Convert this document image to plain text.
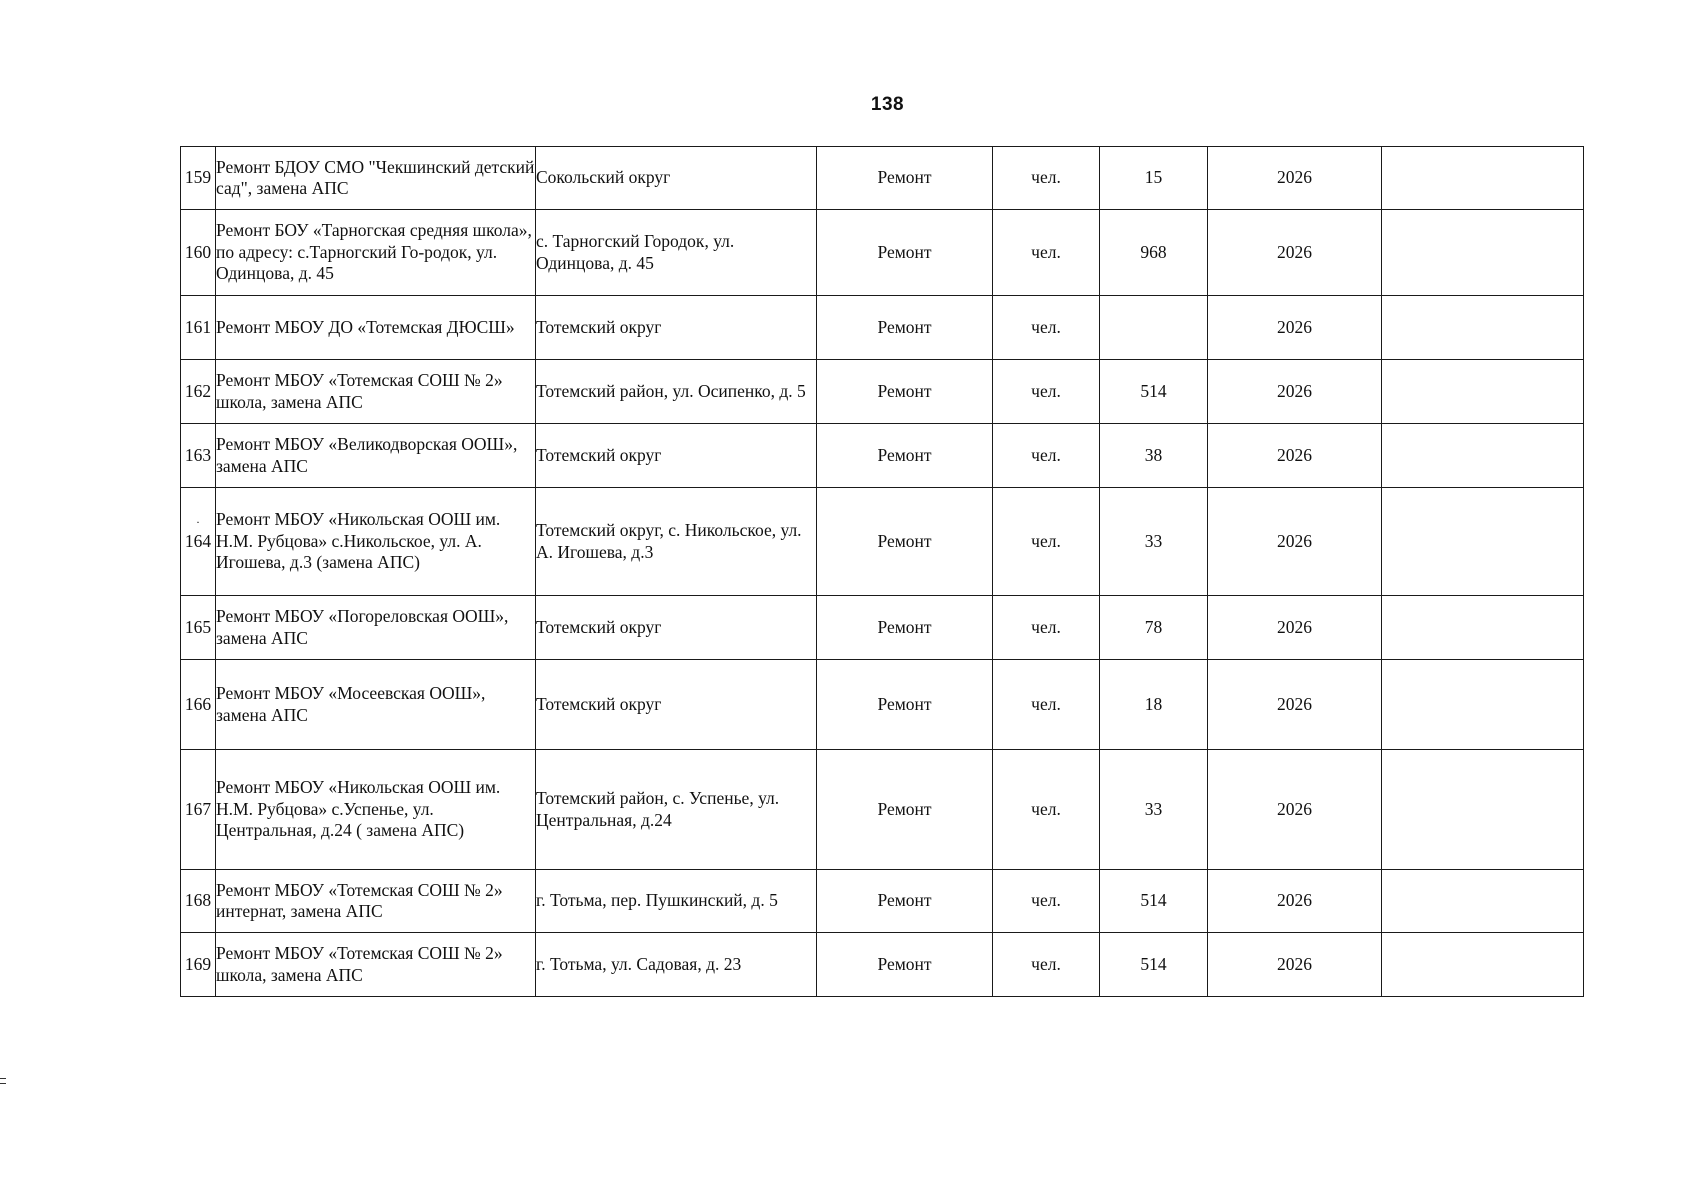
138
159	Ремонт БДОУ СМО "Чекшинский детский сад", замена АПС	Сокольский округ	Ремонт	чел.	15	2026	
160	Ремонт БОУ «Тарногская средняя школа», по адресу: с.Тарногский Го-родок, ул. Одинцова, д. 45	с. Тарногский Городок, ул. Одинцова, д. 45	Ремонт	чел.	968	2026	
161	Ремонт МБОУ ДО «Тотемская ДЮСШ»	Тотемский округ	Ремонт	чел.		2026	
162	Ремонт МБОУ «Тотемская СОШ № 2» школа, замена АПС	Тотемский район, ул. Осипенко, д. 5	Ремонт	чел.	514	2026	
163	Ремонт МБОУ «Великодворская ООШ», замена АПС	Тотемский округ	Ремонт	чел.	38	2026	

·
164	Ремонт МБОУ «Никольская ООШ им. Н.М. Рубцова» с.Никольское, ул. А. Игошева, д.3 (замена АПС)	Тотемский округ, с. Никольское, ул. А. Игошева, д.3	Ремонт	чел.	33	2026	
165	Ремонт МБОУ «Погореловская ООШ», замена АПС	Тотемский округ	Ремонт	чел.	78	2026	
166	Ремонт МБОУ «Мосеевская ООШ», замена АПС	Тотемский округ	Ремонт	чел.	18	2026	
167	Ремонт МБОУ «Никольская ООШ им. Н.М. Рубцова» с.Успенье, ул. Центральная, д.24 ( замена АПС)	Тотемский район, с. Успенье, ул. Центральная, д.24	Ремонт	чел.	33	2026	
168	Ремонт МБОУ «Тотемская СОШ № 2» интернат, замена АПС	г. Тотьма, пер. Пушкинский, д. 5	Ремонт	чел.	514	2026	
169	Ремонт МБОУ «Тотемская СОШ № 2» школа, замена АПС	г. Тотьма, ул. Садовая, д. 23	Ремонт	чел.	514	2026	
